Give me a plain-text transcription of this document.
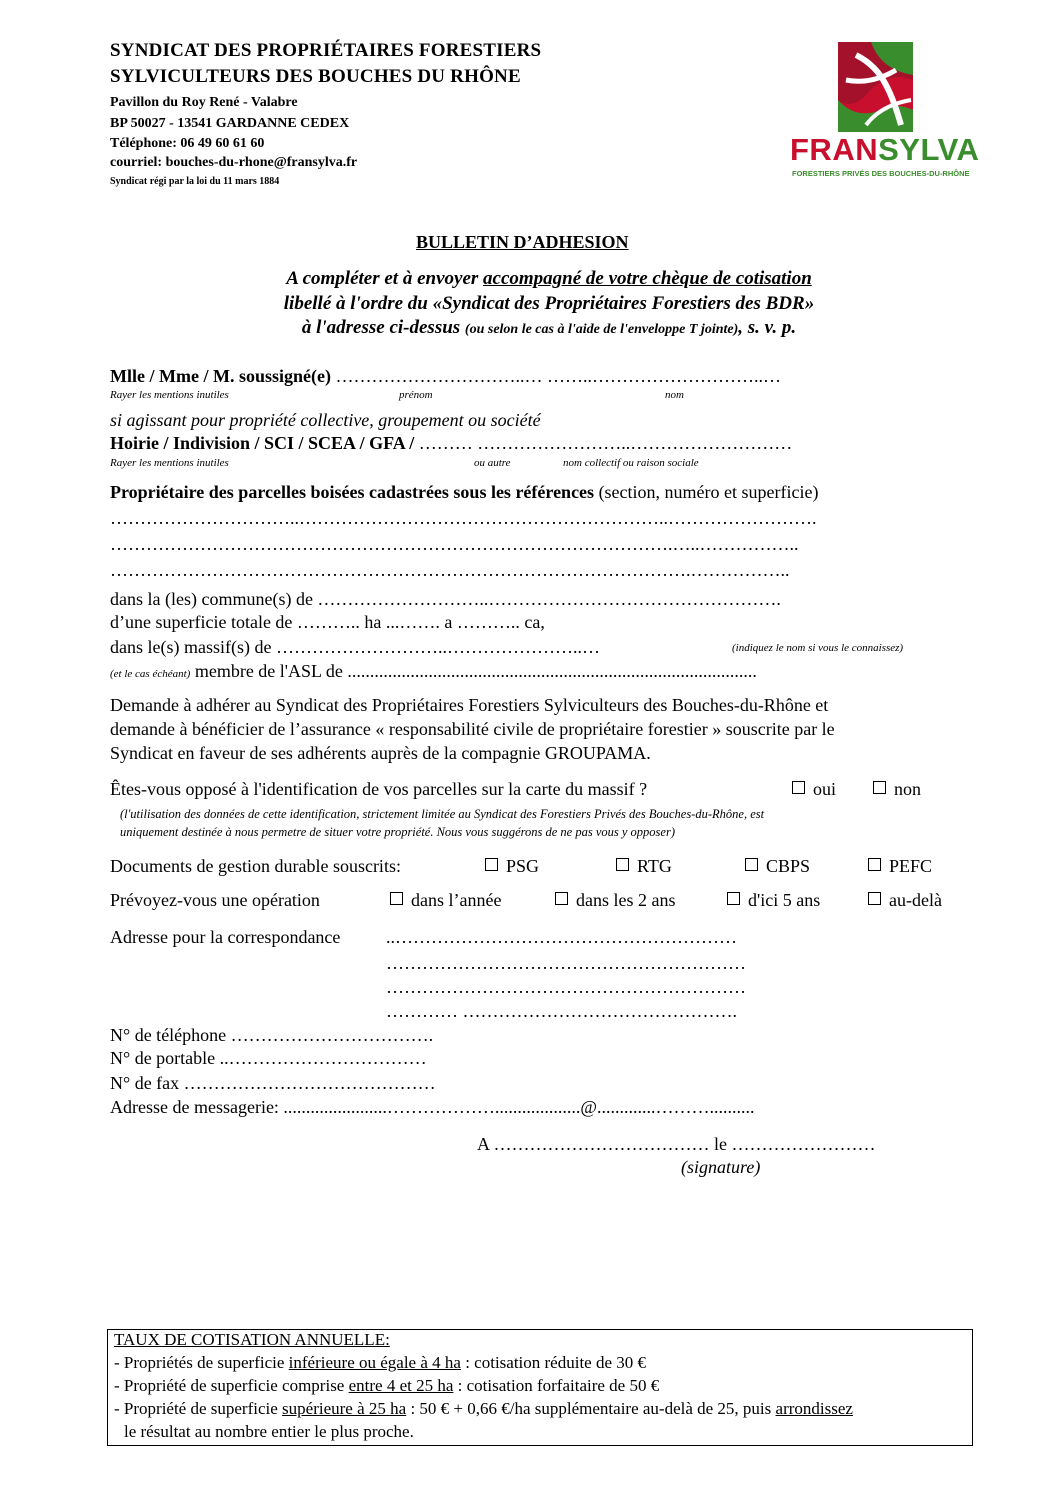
SYNDICAT DES PROPRIÉTAIRES FORESTIERS
SYLVICULTEURS DES BOUCHES DU RHÔNE
Pavillon du Roy René - Valabre
BP 50027 - 13541 GARDANNE CEDEX
Téléphone: 06 49 60 61 60
courriel: bouches-du-rhone@fransylva.fr
Syndicat régi par la loi du 11 mars 1884
FRANSYLVA
FORESTIERS PRIVÉS DES BOUCHES-DU-RHÔNE
BULLETIN D’ADHESION
A compléter et à envoyer accompagné de votre chèque de cotisation
libellé à l'ordre du «Syndicat des Propriétaires Forestiers des BDR»
à l'adresse ci-dessus (ou selon le cas à l'aide de l'enveloppe T jointe), s. v. p.
Mlle / Mme / M. soussigné(e) …………………………..… ……..………………………..…
Rayer les mentions inutiles	prénom	nom
si agissant pour propriété collective, groupement ou société
Hoirie / Indivision / SCI / SCEA / GFA / ……… ……………………..………………………
Rayer les mentions inutiles	ou autre	nom collectif ou raison sociale
Propriétaire des parcelles boisées cadastrées sous les références (section, numéro et superficie)
…………………………..……………………………………………………..…………………….
………………………………………………………………………………….…..……………..
…………………………………………………………………………………….……………..
dans la (les) commune(s) de ………………………..………………………………………….
d’une superficie totale de ……….. ha ...……. a ……….. ca,
dans le(s) massif(s) de ………………………..…………………..…	(indiquez le nom si vous le connaissez)
(et le cas échéant) membre de l'ASL de ...........................................................................................
Demande à adhérer au Syndicat des Propriétaires Forestiers Sylviculteurs des Bouches-du-Rhône et
demande à bénéficier de l’assurance « responsabilité civile de propriétaire forestier » souscrite par le
Syndicat en faveur de ses adhérents auprès de la compagnie GROUPAMA.
Êtes-vous opposé à l'identification de vos parcelles sur la carte du massif ?	oui	non
(l'utilisation des données de cette identification, strictement limitée au Syndicat des Forestiers Privés des Bouches-du-Rhône, est
uniquement destinée à nous permetre de situer votre propriété. Nous vous suggérons de ne pas vous y opposer)
Documents de gestion durable souscrits:	PSG	RTG	CBPS	PEFC
Prévoyez-vous une opération	dans l’année	dans les 2 ans	d'ici 5 ans	au-delà
Adresse pour la correspondance	..…………………………………………………
……………………………………………………
……………………………………………………
………… ……………………………………….
N° de téléphone …………………………….
N° de portable ..……………………………
N° de fax ……………………………………
Adresse de messagerie: .......................………………...................@.............………..........
A ……………………………… le ……………………
(signature)
TAUX DE COTISATION ANNUELLE:
- Propriétés de superficie inférieure ou égale à 4 ha : cotisation réduite de 30 €
- Propriété de superficie comprise entre 4 et 25 ha : cotisation forfaitaire de 50 €
- Propriété de superficie supérieure à 25 ha : 50 € + 0,66 €/ha supplémentaire au-delà de 25, puis arrondissez
le résultat au nombre entier le plus proche.
